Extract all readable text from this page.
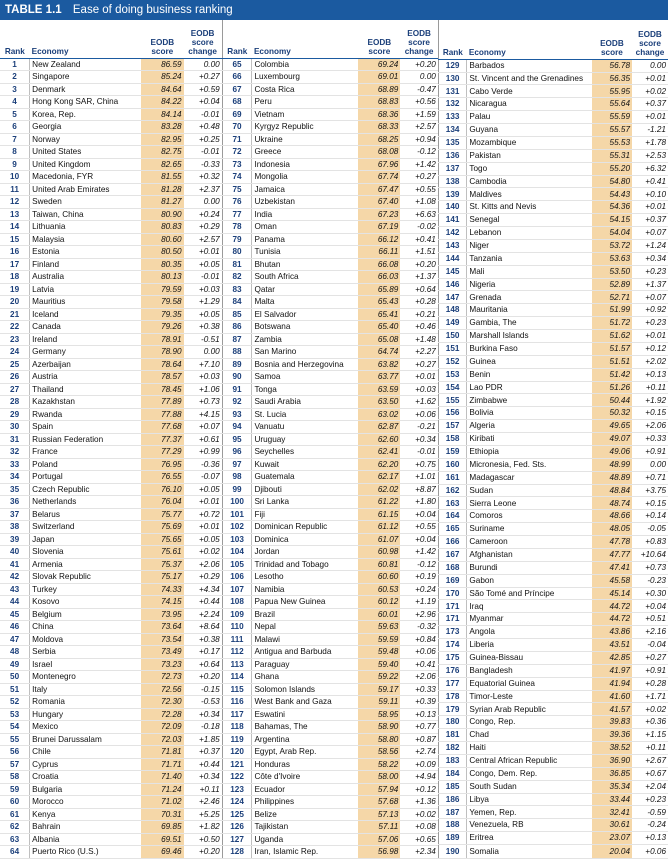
TABLE 1.1 Ease of doing business ranking
Rank	Economy	EODB score	EODB score change
1	New Zealand	86.59	0.00
2	Singapore	85.24	+0.27
3	Denmark	84.64	+0.59
4	Hong Kong SAR, China	84.22	+0.04
5	Korea, Rep.	84.14	-0.01
6	Georgia	83.28	+0.48
7	Norway	82.95	+0.25
8	United States	82.75	-0.01
9	United Kingdom	82.65	-0.33
10	Macedonia, FYR	81.55	+0.32
11	United Arab Emirates	81.28	+2.37
12	Sweden	81.27	0.00
13	Taiwan, China	80.90	+0.24
14	Lithuania	80.83	+0.29
15	Malaysia	80.60	+2.57
16	Estonia	80.50	+0.01
17	Finland	80.35	+0.05
18	Australia	80.13	-0.01
19	Latvia	79.59	+0.03
20	Mauritius	79.58	+1.29
21	Iceland	79.35	+0.05
22	Canada	79.26	+0.38
23	Ireland	78.91	-0.51
24	Germany	78.90	0.00
25	Azerbaijan	78.64	+7.10
26	Austria	78.57	+0.03
27	Thailand	78.45	+1.06
28	Kazakhstan	77.89	+0.73
29	Rwanda	77.88	+4.15
30	Spain	77.68	+0.07
31	Russian Federation	77.37	+0.61
32	France	77.29	+0.99
33	Poland	76.95	-0.36
34	Portugal	76.55	-0.07
35	Czech Republic	76.10	+0.05
36	Netherlands	76.04	+0.01
37	Belarus	75.77	+0.72
38	Switzerland	75.69	+0.01
39	Japan	75.65	+0.05
40	Slovenia	75.61	+0.02
41	Armenia	75.37	+2.06
42	Slovak Republic	75.17	+0.29
43	Turkey	74.33	+4.34
44	Kosovo	74.15	+0.44
45	Belgium	73.95	+2.24
46	China	73.64	+8.64
47	Moldova	73.54	+0.38
48	Serbia	73.49	+0.17
49	Israel	73.23	+0.64
50	Montenegro	72.73	+0.20
51	Italy	72.56	-0.15
52	Romania	72.30	-0.53
53	Hungary	72.28	+0.34
54	Mexico	72.09	-0.18
55	Brunei Darussalam	72.03	+1.85
56	Chile	71.81	+0.37
57	Cyprus	71.71	+0.44
58	Croatia	71.40	+0.34
59	Bulgaria	71.24	+0.11
60	Morocco	71.02	+2.46
61	Kenya	70.31	+5.25
62	Bahrain	69.85	+1.82
63	Albania	69.51	+0.50
64	Puerto Rico (U.S.)	69.46	+0.20
Rank	Economy	EODB score	EODB score change
65	Colombia	69.24	+0.20
66	Luxembourg	69.01	0.00
67	Costa Rica	68.89	-0.47
68	Peru	68.83	+0.56
69	Vietnam	68.36	+1.59
70	Kyrgyz Republic	68.33	+2.57
71	Ukraine	68.25	+0.94
72	Greece	68.08	-0.12
73	Indonesia	67.96	+1.42
74	Mongolia	67.74	+0.27
75	Jamaica	67.47	+0.55
76	Uzbekistan	67.40	+1.08
77	India	67.23	+6.63
78	Oman	67.19	-0.02
79	Panama	66.12	+0.41
80	Tunisia	66.11	+1.51
81	Bhutan	66.08	+0.20
82	South Africa	66.03	+1.37
83	Qatar	65.89	+0.64
84	Malta	65.43	+0.28
85	El Salvador	65.41	+0.21
86	Botswana	65.40	+0.46
87	Zambia	65.08	+1.48
88	San Marino	64.74	+2.27
89	Bosnia and Herzegovina	63.82	+0.27
90	Samoa	63.77	+0.01
91	Tonga	63.59	+0.03
92	Saudi Arabia	63.50	+1.62
93	St. Lucia	63.02	+0.06
94	Vanuatu	62.87	-0.21
95	Uruguay	62.60	+0.34
96	Seychelles	62.41	-0.01
97	Kuwait	62.20	+0.75
98	Guatemala	62.17	+1.01
99	Djibouti	62.02	+8.87
100	Sri Lanka	61.22	+1.80
101	Fiji	61.15	+0.04
102	Dominican Republic	61.12	+0.55
103	Dominica	61.07	+0.04
104	Jordan	60.98	+1.42
105	Trinidad and Tobago	60.81	-0.12
106	Lesotho	60.60	+0.19
107	Namibia	60.53	+0.24
108	Papua New Guinea	60.12	+1.19
109	Brazil	60.01	+2.96
110	Nepal	59.63	-0.32
111	Malawi	59.59	+0.84
112	Antigua and Barbuda	59.48	+0.06
113	Paraguay	59.40	+0.41
114	Ghana	59.22	+2.06
115	Solomon Islands	59.17	+0.33
116	West Bank and Gaza	59.11	+0.39
117	Eswatini	58.95	+0.13
118	Bahamas, The	58.90	+0.77
119	Argentina	58.80	+0.87
120	Egypt, Arab Rep.	58.56	+2.74
121	Honduras	58.22	+0.09
122	Côte d'Ivoire	58.00	+4.94
123	Ecuador	57.94	+0.12
124	Philippines	57.68	+1.36
125	Belize	57.13	+0.02
126	Tajikistan	57.11	+0.08
127	Uganda	57.06	+0.65
128	Iran, Islamic Rep.	56.98	+2.34
Rank	Economy	EODB score	EODB score change
129	Barbados	56.78	0.00
130	St. Vincent and the Grenadines	56.35	+0.01
131	Cabo Verde	55.95	+0.02
132	Nicaragua	55.64	+0.37
133	Palau	55.59	+0.01
134	Guyana	55.57	-1.21
135	Mozambique	55.53	+1.78
136	Pakistan	55.31	+2.53
137	Togo	55.20	+6.32
138	Cambodia	54.80	+0.41
139	Maldives	54.43	+0.10
140	St. Kitts and Nevis	54.36	+0.01
141	Senegal	54.15	+0.37
142	Lebanon	54.04	+0.07
143	Niger	53.72	+1.24
144	Tanzania	53.63	+0.34
145	Mali	53.50	+0.23
146	Nigeria	52.89	+1.37
147	Grenada	52.71	+0.07
148	Mauritania	51.99	+0.92
149	Gambia, The	51.72	+0.23
150	Marshall Islands	51.62	+0.01
151	Burkina Faso	51.57	+0.12
152	Guinea	51.51	+2.02
153	Benin	51.42	+0.13
154	Lao PDR	51.26	+0.11
155	Zimbabwe	50.44	+1.92
156	Bolivia	50.32	+0.15
157	Algeria	49.65	+2.06
158	Kiribati	49.07	+0.33
159	Ethiopia	49.06	+0.91
160	Micronesia, Fed. Sts.	48.99	0.00
161	Madagascar	48.89	+0.71
162	Sudan	48.84	+3.75
163	Sierra Leone	48.74	+0.15
164	Comoros	48.66	+0.14
165	Suriname	48.05	-0.05
166	Cameroon	47.78	+0.83
167	Afghanistan	47.77	+10.64
168	Burundi	47.41	+0.73
169	Gabon	45.58	-0.23
170	São Tomé and Príncipe	45.14	+0.30
171	Iraq	44.72	+0.04
171	Myanmar	44.72	+0.51
173	Angola	43.86	+2.16
174	Liberia	43.51	-0.04
175	Guinea-Bissau	42.85	+0.27
176	Bangladesh	41.97	+0.91
177	Equatorial Guinea	41.94	+0.28
178	Timor-Leste	41.60	+1.71
179	Syrian Arab Republic	41.57	+0.02
180	Congo, Rep.	39.83	+0.36
181	Chad	39.36	+1.15
182	Haiti	38.52	+0.11
183	Central African Republic	36.90	+2.67
184	Congo, Dem. Rep.	36.85	+0.67
185	South Sudan	35.34	+2.04
186	Libya	33.44	+0.23
187	Yemen, Rep.	32.41	-0.59
188	Venezuela, RB	30.61	-0.24
189	Eritrea	23.07	+0.13
190	Somalia	20.04	+0.06
